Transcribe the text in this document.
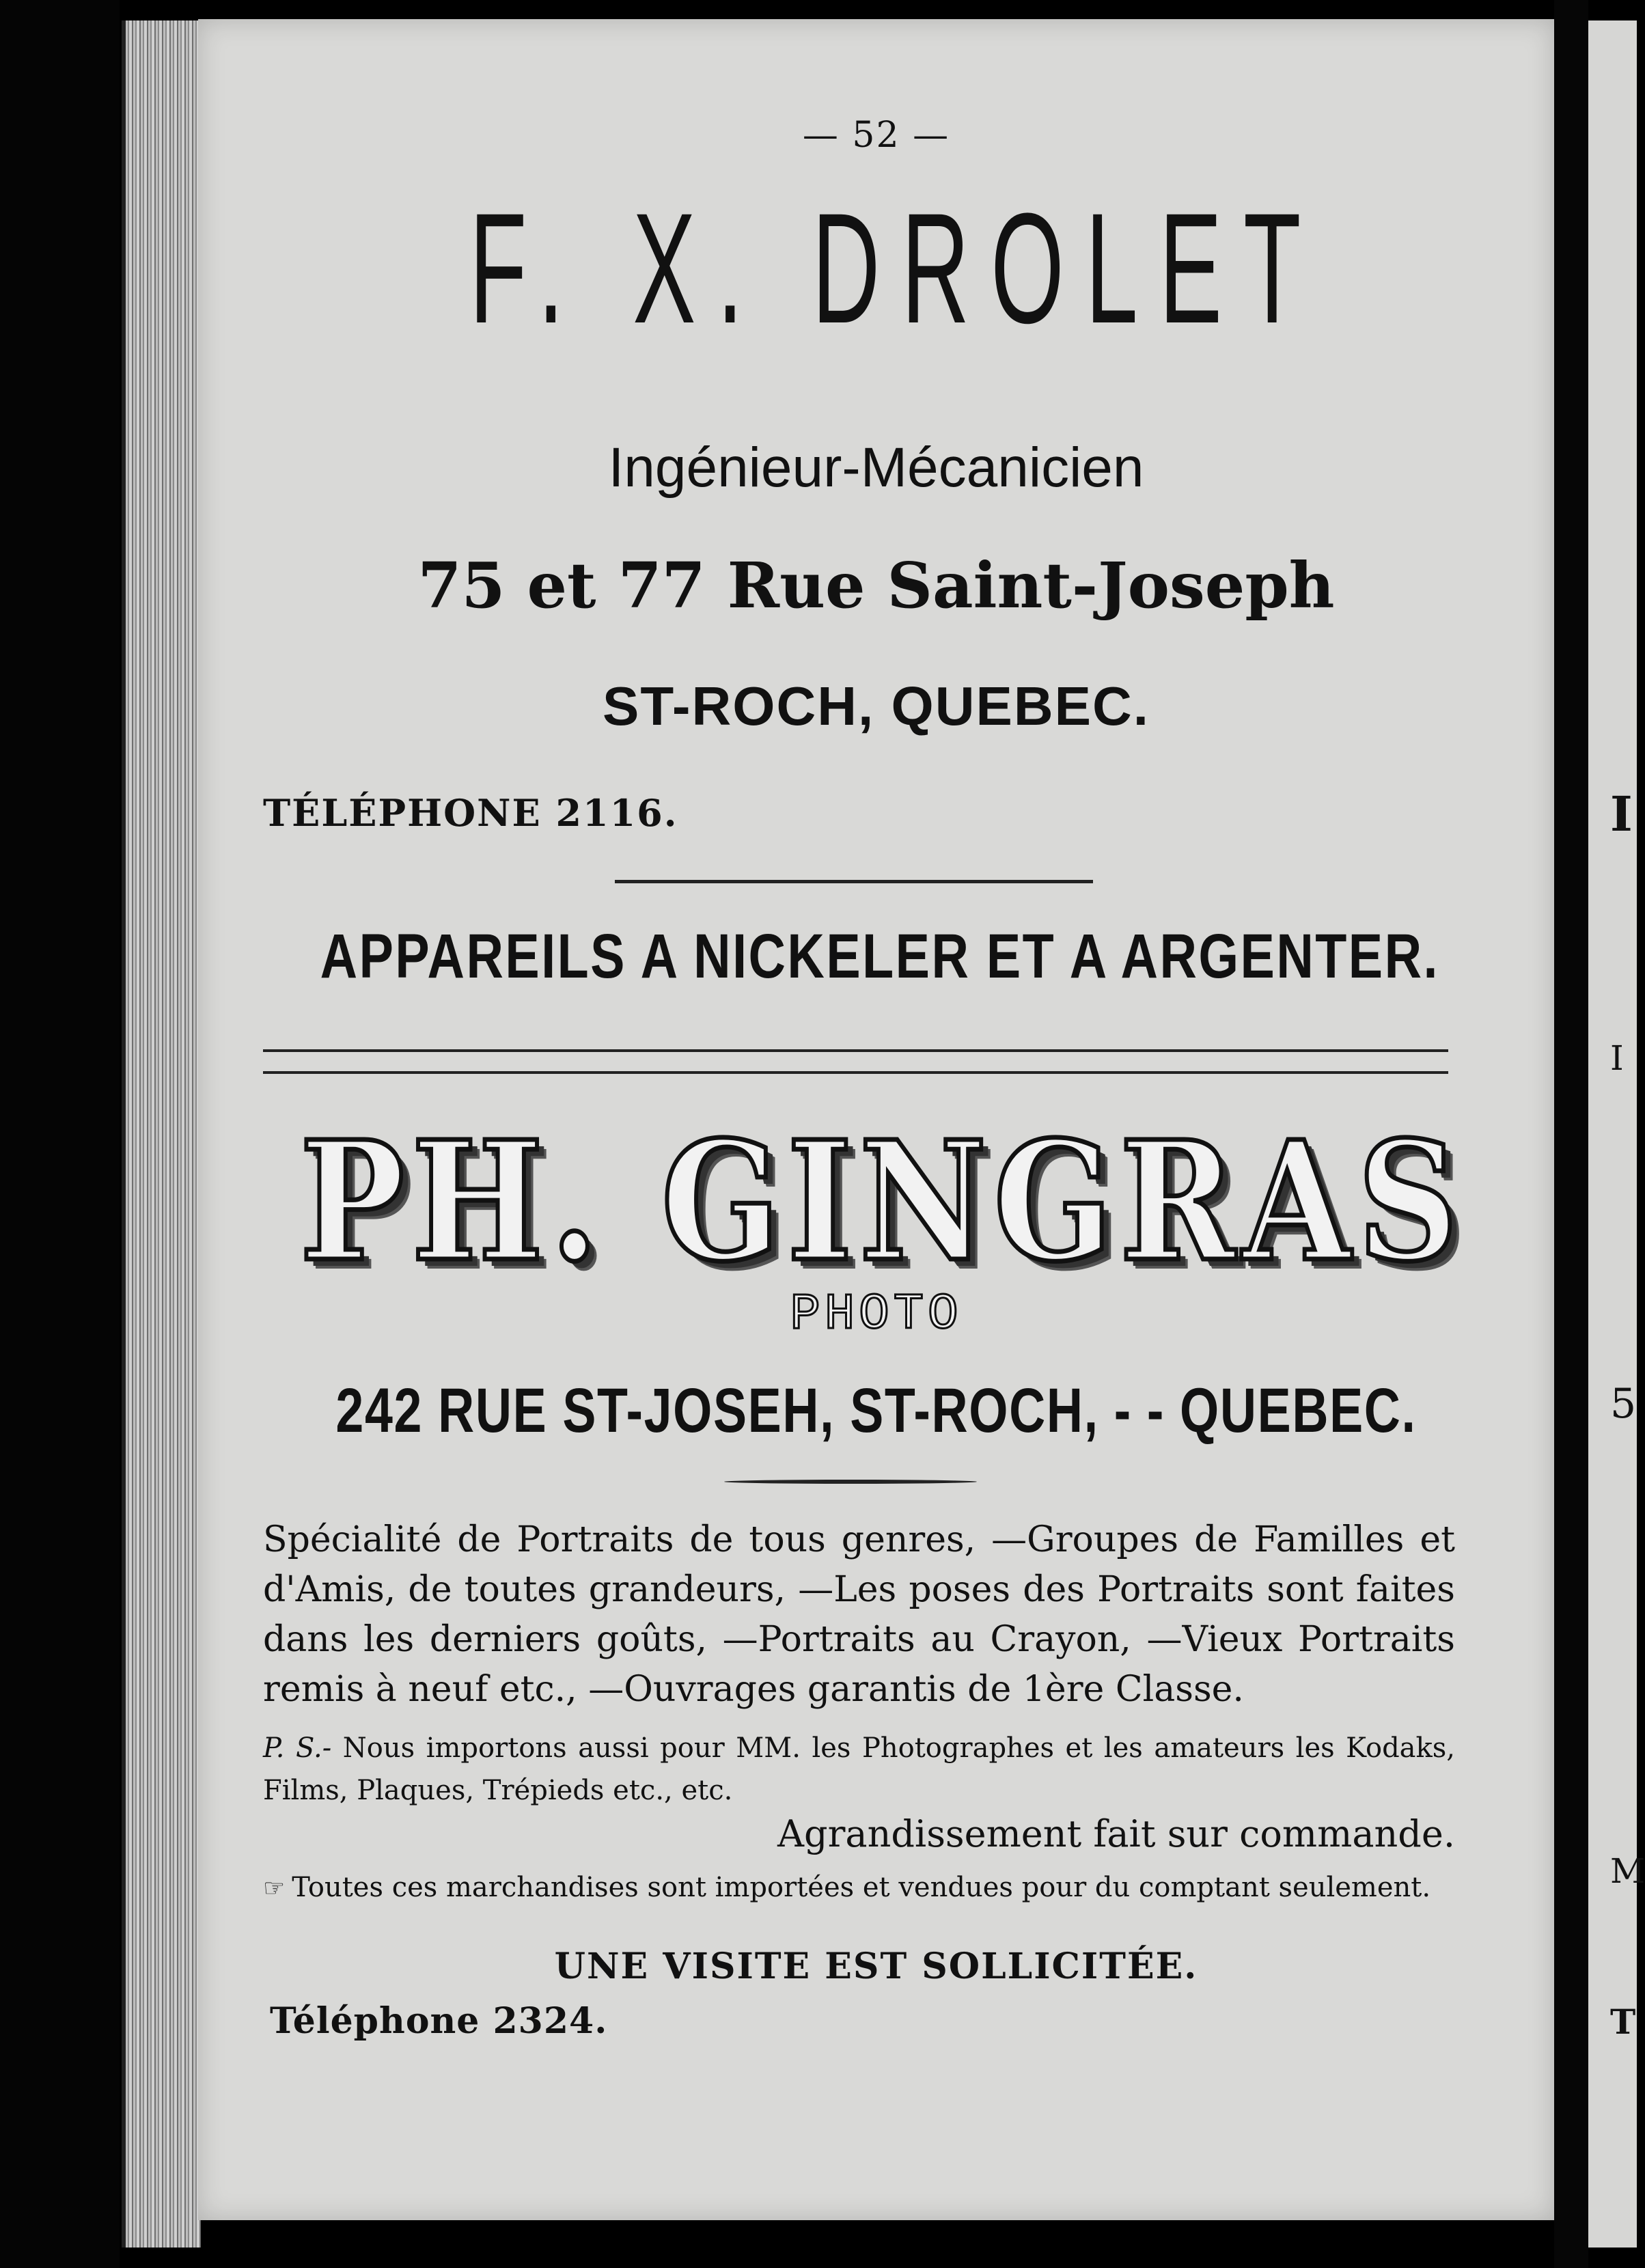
— 52 —
F. X. DROLET
Ingénieur-Mécanicien
75 et 77 Rue Saint-Joseph
ST-ROCH, QUEBEC.
TÉLÉPHONE 2116.
APPAREILS A NICKELER ET A ARGENTER.
PH. GINGRAS
PHOTO
242 RUE ST-JOSEH, ST-ROCH, - - QUEBEC.

Spécialité de Portraits de tous genres, —Groupes de Familles et d'Amis, de toutes grandeurs, —Les poses des Portraits sont faites dans les derniers goûts, —Portraits au Crayon, —Vieux Portraits remis à neuf etc., —Ouvrages garantis de 1ère Classe.

P. S.- Nous importons aussi pour MM. les Photographes et les amateurs les Kodaks, Films, Plaques, Trépieds etc., etc.

Agrandissement fait sur commande.
☞ Toutes ces marchandises sont importées et vendues pour du comptant seulement.
UNE VISITE EST SOLLICITÉE.
Téléphone 2324.
I
I
5
M
T
